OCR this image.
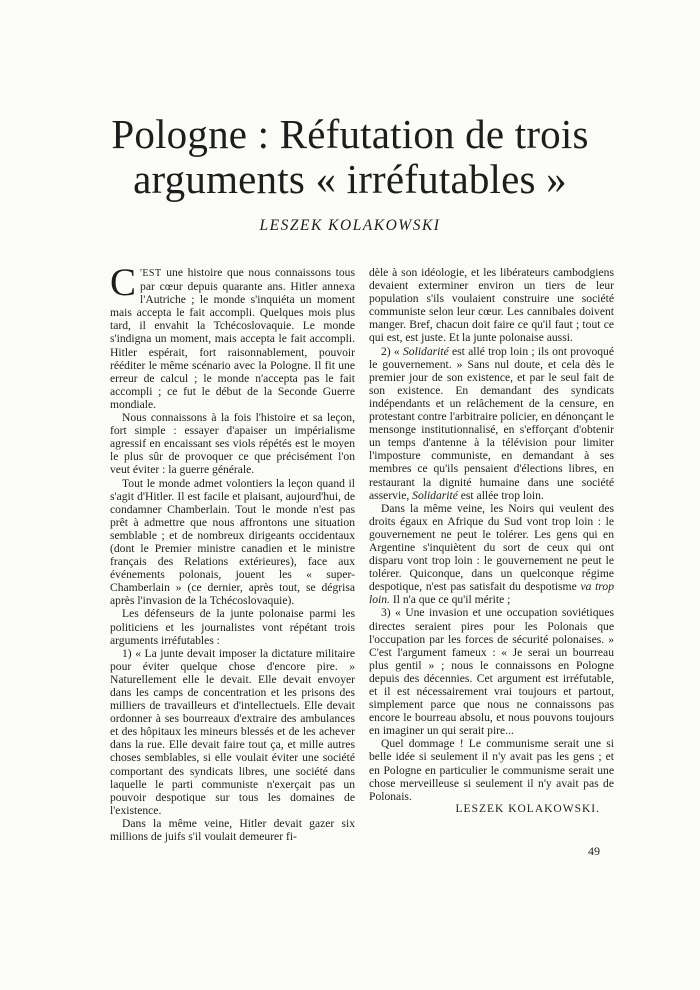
Pologne : Réfutation de trois
arguments « irréfutables »
LESZEK KOLAKOWSKI

C 'EST une histoire que nous connaissons tous par cœur depuis quarante ans. Hitler annexa l'Autriche ; le monde s'inquiéta un moment mais accepta le fait accompli. Quelques mois plus tard, il envahit la Tchécoslovaquie. Le monde s'indigna un moment, mais accepta le fait accompli. Hitler espérait, fort raisonnablement, pouvoir rééditer le même scénario avec la Pologne. Il fit une erreur de calcul ; le monde n'accepta pas le fait accompli ; ce fut le début de la Seconde Guerre mondiale.

Nous connaissons à la fois l'histoire et sa leçon, fort simple : essayer d'apaiser un impérialisme agressif en encaissant ses viols répétés est le moyen le plus sûr de provoquer ce que précisément l'on veut éviter : la guerre générale.

Tout le monde admet volontiers la leçon quand il s'agit d'Hitler. Il est facile et plaisant, aujourd'hui, de condamner Chamberlain. Tout le monde n'est pas prêt à admettre que nous affrontons une situation semblable ; et de nombreux dirigeants occidentaux (dont le Premier ministre canadien et le ministre français des Relations extérieures), face aux événements polonais, jouent les « super-Chamberlain » (ce dernier, après tout, se dégrisa après l'invasion de la Tchécoslovaquie).

Les défenseurs de la junte polonaise parmi les politiciens et les journalistes vont répétant trois arguments irréfutables :

1) « La junte devait imposer la dictature militaire pour éviter quelque chose d'encore pire. » Naturellement elle le devait. Elle devait envoyer dans les camps de concentration et les prisons des milliers de travailleurs et d'intellectuels. Elle devait ordonner à ses bourreaux d'extraire des ambulances et des hôpitaux les mineurs blessés et de les achever dans la rue. Elle devait faire tout ça, et mille autres choses semblables, si elle voulait éviter une société comportant des syndicats libres, une société dans laquelle le parti communiste n'exerçait pas un pouvoir despotique sur tous les domaines de l'existence.

Dans la même veine, Hitler devait gazer six millions de juifs s'il voulait demeurer fi-

dèle à son idéologie, et les libérateurs cambodgiens devaient exterminer environ un tiers de leur population s'ils voulaient construire une société communiste selon leur cœur. Les cannibales doivent manger. Bref, chacun doit faire ce qu'il faut ; tout ce qui est, est juste. Et la junte polonaise aussi.

2) « Solidarité est allé trop loin ; ils ont provoqué le gouvernement. » Sans nul doute, et cela dès le premier jour de son existence, et par le seul fait de son existence. En demandant des syndicats indépendants et un relâchement de la censure, en protestant contre l'arbitraire policier, en dénonçant le mensonge institutionnalisé, en s'efforçant d'obtenir un temps d'antenne à la télévision pour limiter l'imposture communiste, en demandant à ses membres ce qu'ils pensaient d'élections libres, en restaurant la dignité humaine dans une société asservie, Solidarité est allée trop loin.

Dans la même veine, les Noirs qui veulent des droits égaux en Afrique du Sud vont trop loin : le gouvernement ne peut le tolérer. Les gens qui en Argentine s'inquiètent du sort de ceux qui ont disparu vont trop loin : le gouvernement ne peut le tolérer. Quiconque, dans un quelconque régime despotique, n'est pas satisfait du despotisme va trop loin. Il n'a que ce qu'il mérite ;

3) « Une invasion et une occupation soviétiques directes seraient pires pour les Polonais que l'occupation par les forces de sécurité polonaises. » C'est l'argument fameux : « Je serai un bourreau plus gentil » ; nous le connaissons en Pologne depuis des décennies. Cet argument est irréfutable, et il est nécessairement vrai toujours et partout, simplement parce que nous ne connaissons pas encore le bourreau absolu, et nous pouvons toujours en imaginer un qui serait pire...

Quel dommage ! Le communisme serait une si belle idée si seulement il n'y avait pas les gens ; et en Pologne en particulier le communisme serait une chose merveilleuse si seulement il n'y avait pas de Polonais.

LESZEK KOLAKOWSKI.

49
